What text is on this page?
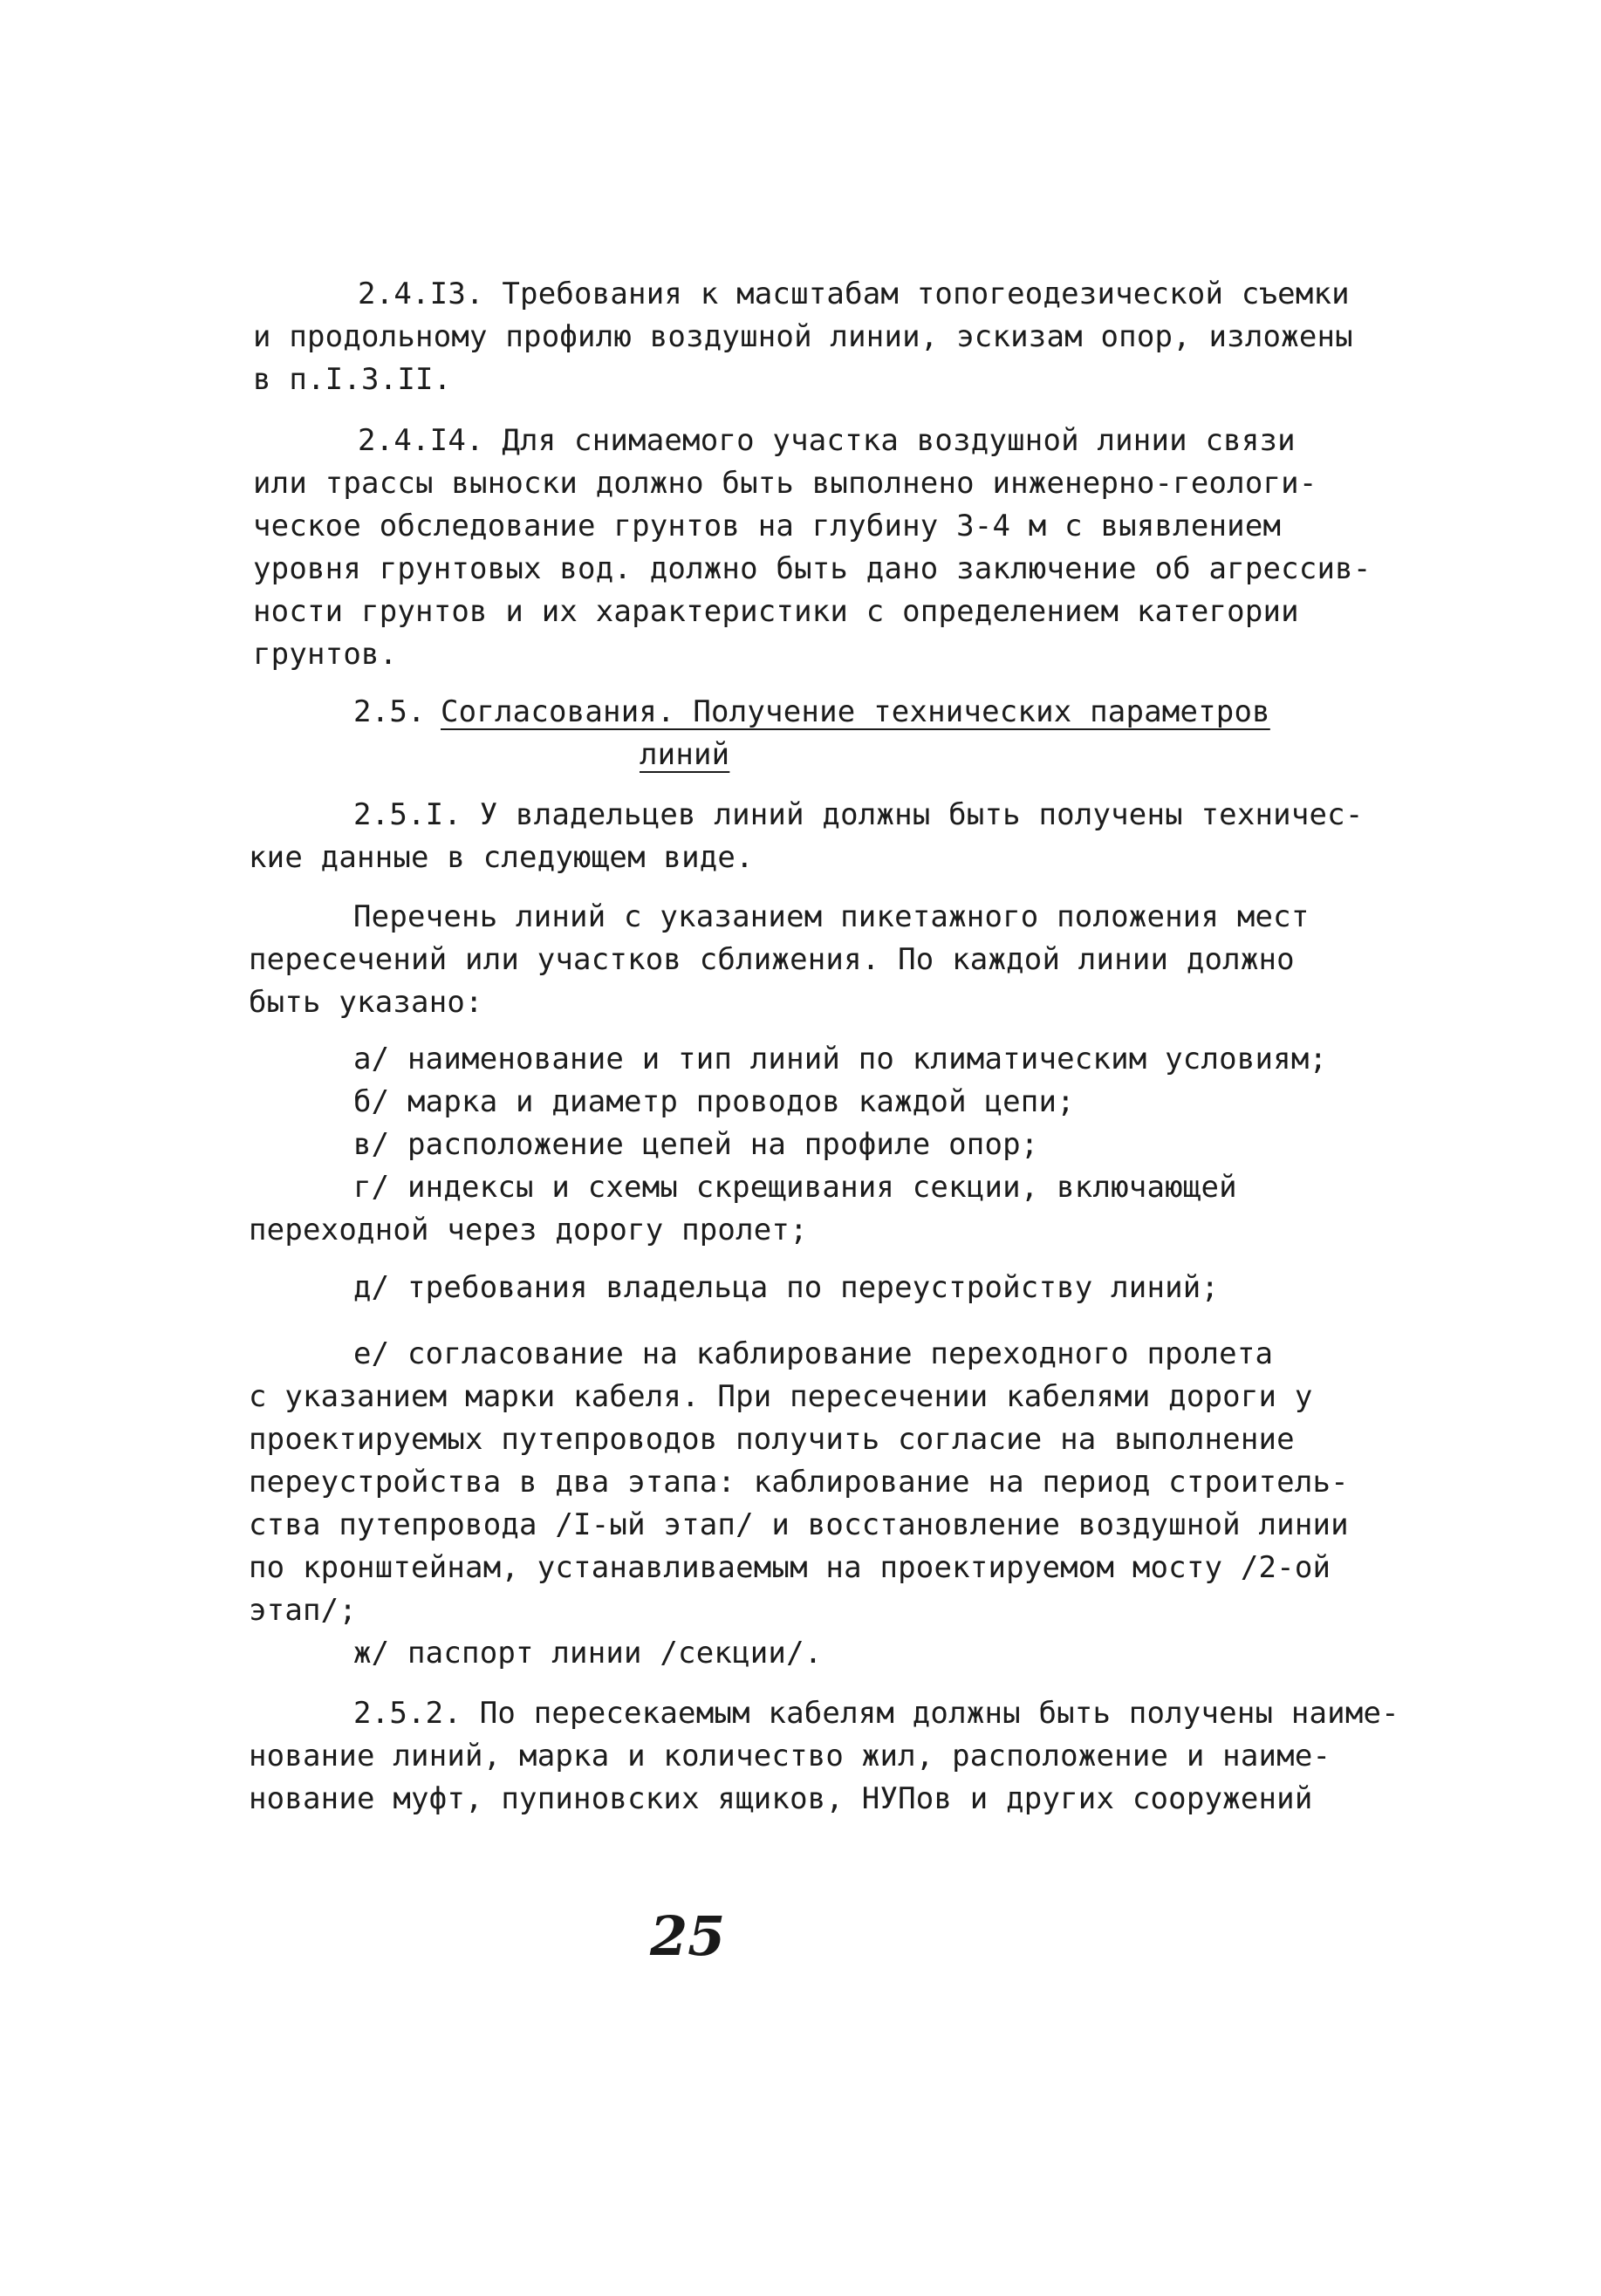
2.4.I3. Требования к масштабам топогеодезической съемки
и продольному профилю воздушной линии, эскизам опор, изложены
в п.I.3.II.
2.4.I4. Для снимаемого участка воздушной линии связи
или трассы выноски должно быть выполнено инженерно-геологи-
ческое обследование грунтов на глубину 3-4 м с выявлением
уровня грунтовых вод. должно быть дано заключение об агрессив-
ности грунтов и их характеристики с определением категории
грунтов.
2.5. Согласования. Получение технических параметров
линий
2.5.I. У владельцев линий должны быть получены техничес-
кие данные в следующем виде.
Перечень линий с указанием пикетажного положения мест
пересечений или участков сближения. По каждой линии должно
быть указано:
а/ наименование и тип линий по климатическим условиям;
б/ марка и диаметр проводов каждой цепи;
в/ расположение цепей на профиле опор;
г/ индексы и схемы скрещивания секции, включающей
переходной через дорогу пролет;
д/ требования владельца по переустройству линий;
е/ согласование на каблирование переходного пролета
с указанием марки кабеля. При пересечении кабелями дороги у
проектируемых путепроводов получить согласие на выполнение
переустройства в два этапа: каблирование на период строитель-
ства путепровода /I-ый этап/ и восстановление воздушной линии
по кронштейнам, устанавливаемым на проектируемом мосту /2-ой
этап/;
ж/ паспорт линии /секции/.
2.5.2. По пересекаемым кабелям должны быть получены наиме-
нование линий, марка и количество жил, расположение и наиме-
нование муфт, пупиновских ящиков, НУПов и других сооружений
25
